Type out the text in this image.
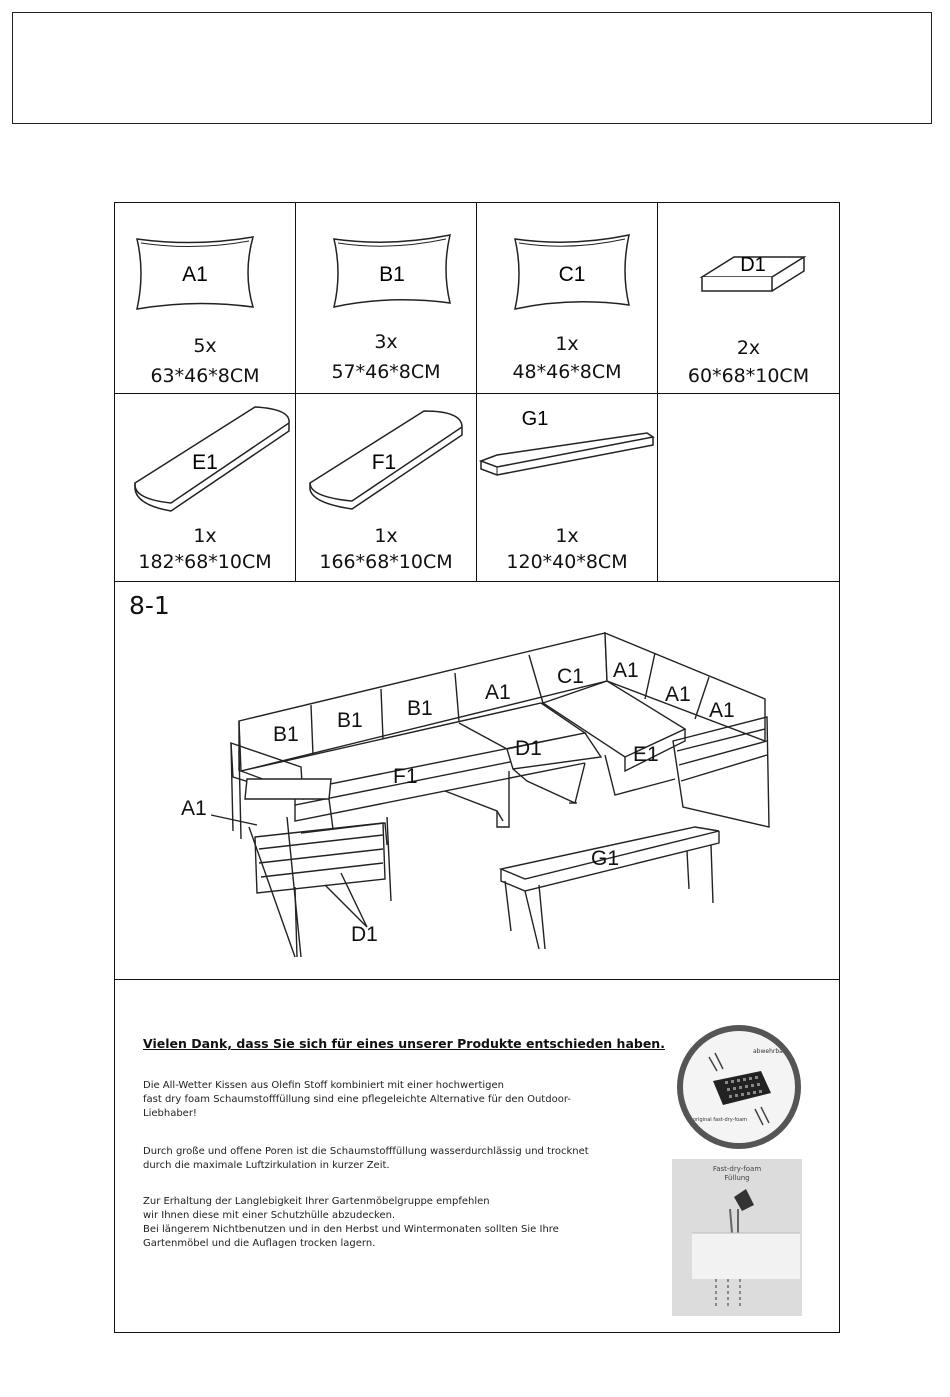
A1
5x
63*46*8CM
B1
3x
57*46*8CM
C1
1x
48*46*8CM
D1
2x
60*68*10CM
E1
1x
182*68*10CM
F1
1x
166*68*10CM
G1
1x
120*40*8CM
8-1
B1
B1
B1
A1
C1 A1
A1
A1
D1	E1
F1
A1
G1
D1
Vielen Dank, dass Sie sich für eines unserer Produkte entschieden haben.
Die All-Wetter Kissen aus Olefin Stoff kombiniert mit einer hochwertigen
fast dry foam Schaumstofffüllung sind eine pflegeleichte Alternative für den Outdoor-
Liebhaber!
Durch große und offene Poren ist die Schaumstofffüllung wasserdurchlässig und trocknet
durch die maximale Luftzirkulation in kurzer Zeit.
Zur Erhaltung der Langlebigkeit Ihrer Gartenmöbelgruppe empfehlen
wir Ihnen diese mit einer Schutzhülle abzudecken.
Bei längerem Nichtbenutzen und in den Herbst und Wintermonaten sollten Sie Ihre
Gartenmöbel und die Auflagen trocken lagern.
abwehrbar
original fast-dry-foam
Fast-dry-foam
Füllung
